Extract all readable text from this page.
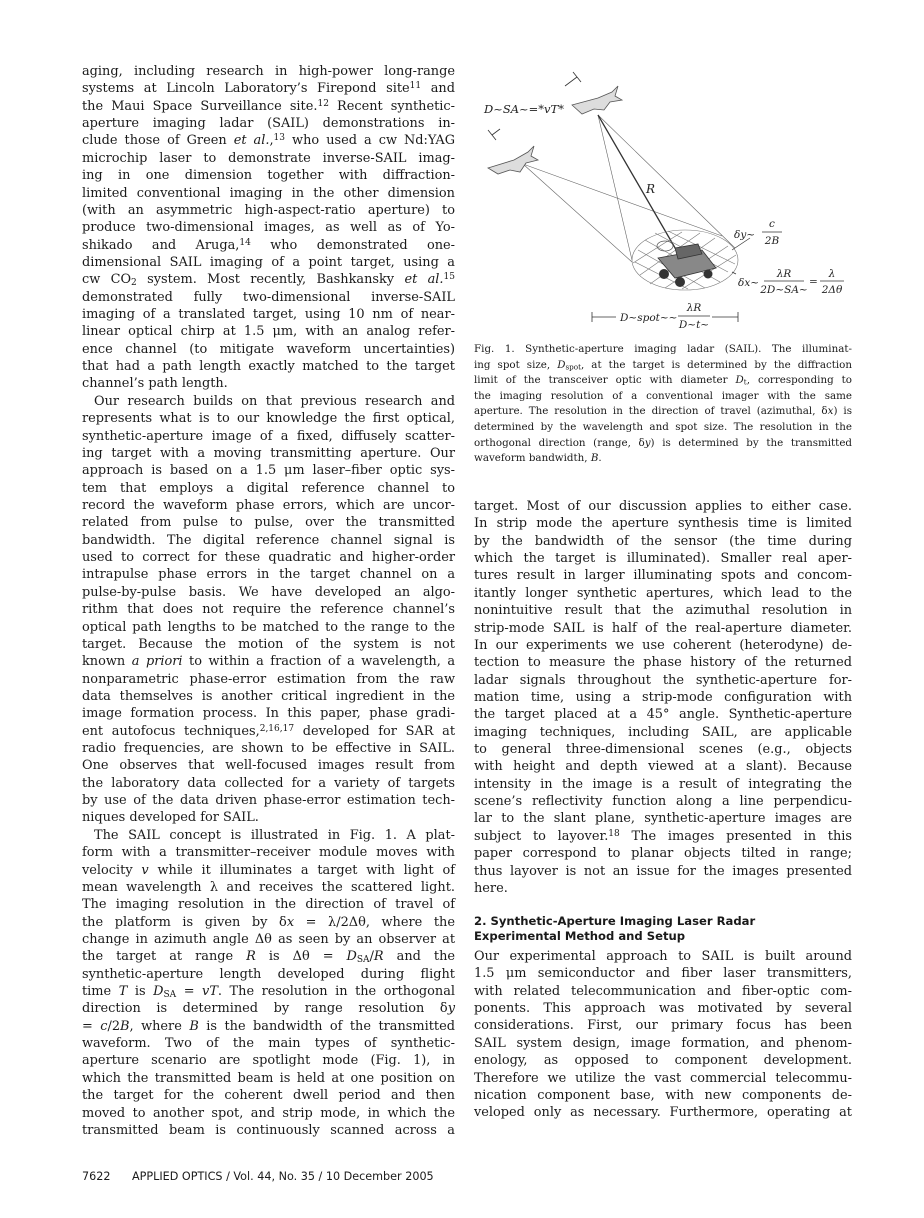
aging, including research in high-power long-range
systems at Lincoln Laboratory’s Firepond site$^{11}$ and
the Maui Space Surveillance site.$^{12}$ Recent synthetic-
aperture imaging ladar (SAIL) demonstrations in-
clude those of Green et al.,$^{13}$ who used a cw Nd:YAG
microchip laser to demonstrate inverse-SAIL imag-
ing in one dimension together with diffraction-
limited conventional imaging in the other dimension
(with an asymmetric high-aspect-ratio aperture) to
produce two-dimensional images, as well as of Yo-
shikado and Aruga,$^{14}$ who demonstrated one-
dimensional SAIL imaging of a point target, using a
cw $CO_2$ system. Most recently, Bashkansky et al.$^{15}$
demonstrated fully two-dimensional inverse-SAIL
imaging of a translated target, using 10 nm of near-
linear optical chirp at 1.5 μm, with an analog refer-
ence channel (to mitigate waveform uncertainties)
that had a path length exactly matched to the target
channel’s path length.
Our research builds on that previous research and
represents what is to our knowledge the first optical,
synthetic-aperture image of a fixed, diffusely scatter-
ing target with a moving transmitting aperture. Our
approach is based on a 1.5 μm laser–fiber optic sys-
tem that employs a digital reference channel to
record the waveform phase errors, which are uncor-
related from pulse to pulse, over the transmitted
bandwidth. The digital reference channel signal is
used to correct for these quadratic and higher-order
intrapulse phase errors in the target channel on a
pulse-by-pulse basis. We have developed an algo-
rithm that does not require the reference channel’s
optical path lengths to be matched to the range to the
target. Because the motion of the system is not
known a priori to within a fraction of a wavelength, a
nonparametric phase-error estimation from the raw
data themselves is another critical ingredient in the
image formation process. In this paper, phase gradi-
ent autofocus techniques,$^{2,16,17}$ developed for SAR at
radio frequencies, are shown to be effective in SAIL.
One observes that well-focused images result from
the laboratory data collected for a variety of targets
by use of the data driven phase-error estimation tech-
niques developed for SAIL.
The SAIL concept is illustrated in Fig. 1. A plat-
form with a transmitter–receiver module moves with
velocity v while it illuminates a target with light of
mean wavelength λ and receives the scattered light.
The imaging resolution in the direction of travel of
the platform is given by δx = λ/2Δθ, where the
change in azimuth angle Δθ as seen by an observer at
the target at range R is $\Delta\theta = D_{SA}/R$ and the
synthetic-aperture length developed during flight
time T is $D_{SA}$ = vT. The resolution in the orthogonal
direction is determined by range resolution δy
= c/2B, where B is the bandwidth of the transmitted
waveform. Two of the main types of synthetic-
aperture scenario are spotlight mode (Fig. 1), in
which the transmitted beam is held at one position on
the target for the coherent dwell period and then
moved to another spot, and strip mode, in which the
transmitted beam is continuously scanned across a
D~SA~=*vT*
R
δy~
c
2B
δx~
λR
2D~SA~
=
λ
2Δθ
D~spot~~
λR
D~t~
Fig. 1. Synthetic-aperture imaging ladar (SAIL). The illuminat-
ing spot size, $D_{spot}$, at the target is determined by the diffraction
limit of the transceiver optic with diameter $D_t$, corresponding to
the imaging resolution of a conventional imager with the same
aperture. The resolution in the direction of travel (azimuthal, δx) is
determined by the wavelength and spot size. The resolution in the
orthogonal direction (range, δy) is determined by the transmitted
waveform bandwidth, B.
target. Most of our discussion applies to either case.
In strip mode the aperture synthesis time is limited
by the bandwidth of the sensor (the time during
which the target is illuminated). Smaller real aper-
tures result in larger illuminating spots and concom-
itantly longer synthetic apertures, which lead to the
nonintuitive result that the azimuthal resolution in
strip-mode SAIL is half of the real-aperture diameter.
In our experiments we use coherent (heterodyne) de-
tection to measure the phase history of the returned
ladar signals throughout the synthetic-aperture for-
mation time, using a strip-mode configuration with
the target placed at a 45° angle. Synthetic-aperture
imaging techniques, including SAIL, are applicable
to general three-dimensional scenes (e.g., objects
with height and depth viewed at a slant). Because
intensity in the image is a result of integrating the
scene’s reflectivity function along a line perpendicu-
lar to the slant plane, synthetic-aperture images are
subject to layover.$^{18}$ The images presented in this
paper correspond to planar objects tilted in range;
thus layover is not an issue for the images presented
here.
2. Synthetic-Aperture Imaging Laser Radar
Experimental Method and Setup
Our experimental approach to SAIL is built around
1.5 μm semiconductor and fiber laser transmitters,
with related telecommunication and fiber-optic com-
ponents. This approach was motivated by several
considerations. First, our primary focus has been
SAIL system design, image formation, and phenom-
enology, as opposed to component development.
Therefore we utilize the vast commercial telecommu-
nication component base, with new components de-
veloped only as necessary. Furthermore, operating at
7622 APPLIED OPTICS / Vol. 44, No. 35 / 10 December 2005
